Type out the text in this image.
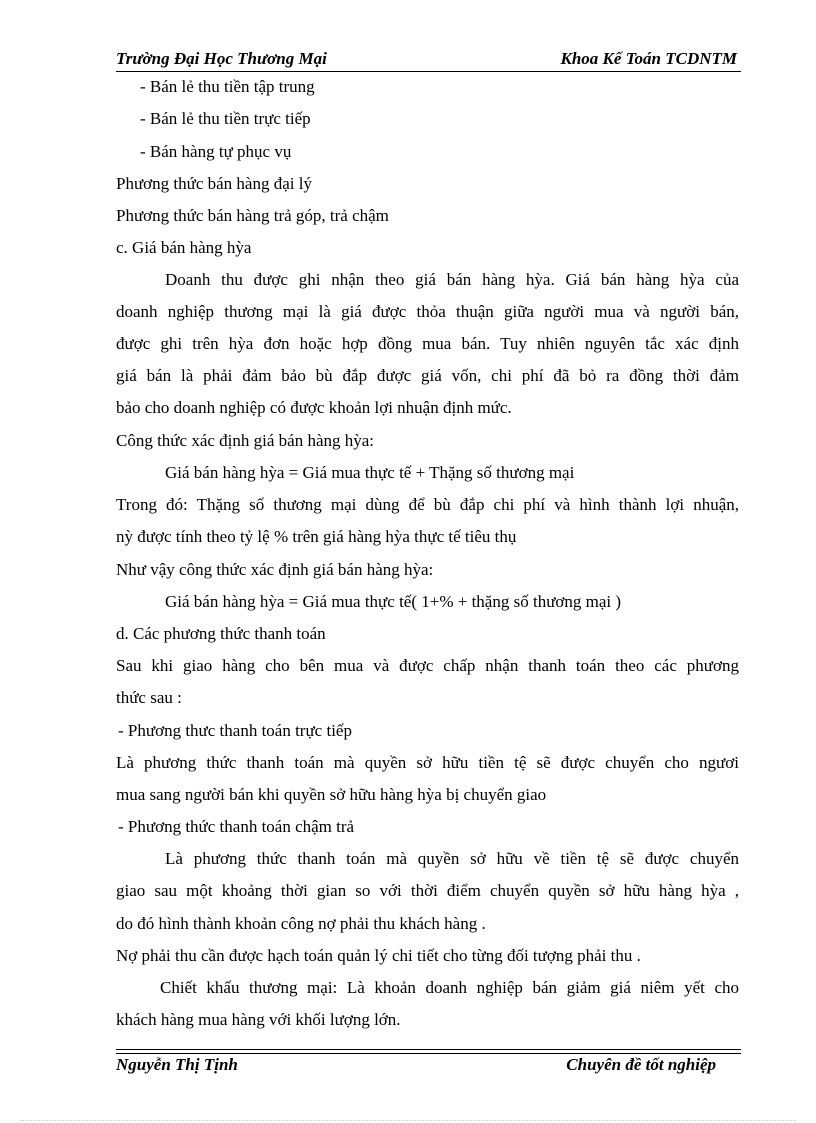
Trường Đại Học Thương Mại	Khoa Kế Toán TCDNTM
- Bán lẻ thu tiền tập trung
- Bán lẻ thu tiền trực tiếp
- Bán hàng tự phục vụ
Phương thức bán hàng đại lý
Phương thức bán hàng trả góp, trả chậm
c. Giá bán hàng hỳa
Doanh thu được ghi nhận theo giá bán hàng hỳa. Giá bán hàng hỳa của
doanh nghiệp thương mại là giá được thỏa thuận giữa người mua và người bán,
được ghi trên hỳa đơn hoặc hợp đồng mua bán. Tuy nhiên nguyên tắc xác định
giá bán là phải đảm bảo bù đắp được giá vốn, chi phí đã bỏ ra đồng thời đảm
bảo cho doanh nghiệp có được khoản lợi nhuận định mức.
Công thức xác định giá bán hàng hỳa:
Giá bán hàng hỳa = Giá mua thực tế + Thặng số thương mại
Trong đó: Thặng số thương mại dùng để bù đắp chi phí và hình thành lợi nhuận,
nỳ được tính theo tỷ lệ % trên giá hàng hỳa thực tế tiêu thụ
Như vậy công thức xác định giá bán hàng hỳa:
Giá bán hàng hỳa = Giá mua thực tế( 1+% + thặng số thương mại )
d. Các phương thức thanh toán
Sau khi giao hàng cho bên mua và được chấp nhận thanh toán theo các phương
thức sau :
- Phương thưc thanh toán trực tiếp
Là phương thức thanh toán mà quyền sở hữu tiền tệ sẽ được chuyển cho ngươi
mua sang người bán khi quyền sở hữu hàng hỳa bị chuyển giao
- Phương thức thanh toán chậm trả
Là phương thức thanh toán mà quyền sở hữu về tiền tệ sẽ được chuyển
giao sau một khoảng thời gian so với thời điểm chuyển quyền sở hữu hàng hỳa ,
do đó hình thành khoản công nợ phải thu khách hàng .
Nợ phải thu cần được hạch toán quản lý chi tiết cho từng đối tượng phải thu .
Chiết khấu thương mại: Là khoản doanh nghiệp bán giảm giá niêm yết cho
khách hàng mua hàng với khối lượng lớn.
Nguyễn Thị Tịnh	Chuyên đề tốt nghiệp
